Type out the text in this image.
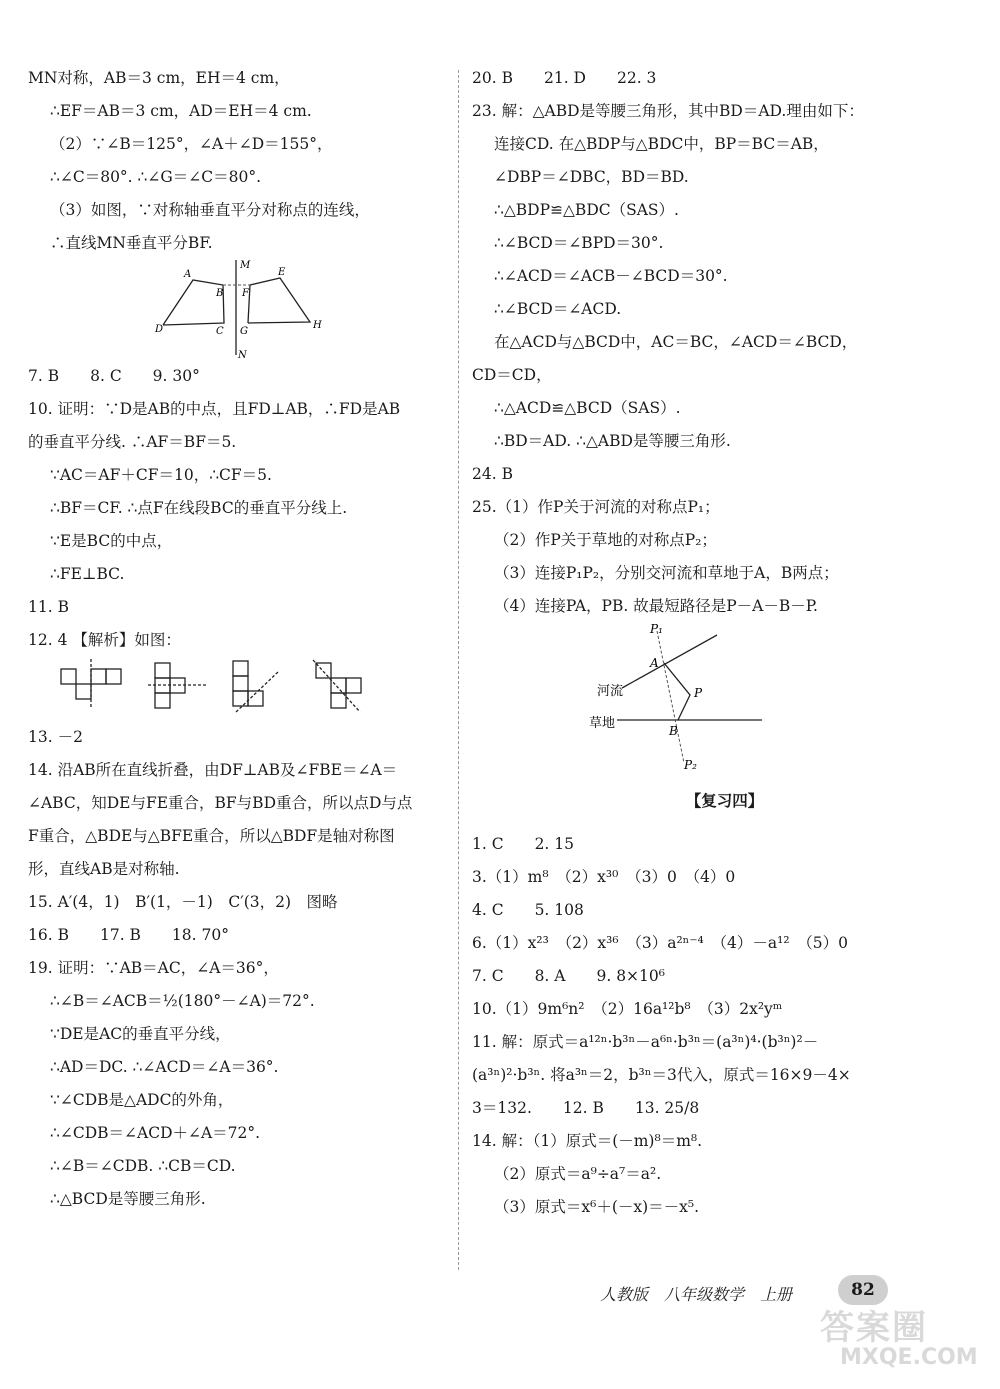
MN对称，AB＝3 cm，EH＝4 cm，
∴EF＝AB＝3 cm，AD＝EH＝4 cm.
（2）∵∠B＝125°，∠A＋∠D＝155°，
∴∠C＝80°. ∴∠G＝∠C＝80°.
（3）如图，∵对称轴垂直平分对称点的连线，
∴直线MN垂直平分BF.
M
A
B F
E
D	C G
H
N
7. B　　8. C　　9. 30°
10. 证明：∵D是AB的中点，且FD⊥AB，∴FD是AB
的垂直平分线. ∴AF＝BF＝5.
∵AC＝AF＋CF＝10，∴CF＝5.
∴BF＝CF. ∴点F在线段BC的垂直平分线上.
∵E是BC的中点，
∴FE⊥BC.
11. B
12. 4 【解析】如图：
13. －2
14. 沿AB所在直线折叠，由DF⊥AB及∠FBE＝∠A＝
∠ABC，知DE与FE重合，BF与BD重合，所以点D与点
F重合，△BDE与△BFE重合，所以△BDF是轴对称图
形，直线AB是对称轴.
15. A′(4，1)　B′(1，－1)　C′(3，2)　图略
16. B　　17. B　　18. 70°
19. 证明：∵AB＝AC，∠A＝36°，
∴∠B＝∠ACB＝½(180°－∠A)＝72°.
∵DE是AC的垂直平分线，
∴AD＝DC. ∴∠ACD＝∠A＝36°.
∵∠CDB是△ADC的外角，
∴∠CDB＝∠ACD＋∠A＝72°.
∴∠B＝∠CDB. ∴CB＝CD.
∴△BCD是等腰三角形.
20. B　　21. D　　22. 3
23. 解：△ABD是等腰三角形，其中BD＝AD.理由如下：
连接CD. 在△BDP与△BDC中，BP＝BC＝AB，
∠DBP＝∠DBC，BD＝BD.
∴△BDP≌△BDC（SAS）.
∴∠BCD＝∠BPD＝30°.
∴∠ACD＝∠ACB－∠BCD＝30°.
∴∠BCD＝∠ACD.
在△ACD与△BCD中，AC＝BC，∠ACD＝∠BCD，
CD＝CD，
∴△ACD≌△BCD（SAS）.
∴BD＝AD. ∴△ABD是等腰三角形.
24. B
25.（1）作P关于河流的对称点P₁；
（2）作P关于草地的对称点P₂；
（3）连接P₁P₂，分别交河流和草地于A，B两点；
（4）连接PA，PB. 故最短路径是P－A－B－P.
P₁
A
P
B
P₂
河流
草地
【复习四】
1. C　　2. 15
3.（1）m⁸　（2）x³⁰　（3）0　（4）0
4. C　　5. 108
6.（1）x²³　（2）x³⁶　（3）a²ⁿ⁻⁴　（4）－a¹²　（5）0
7. C　　8. A　　9. 8×10⁶
10.（1）9m⁶n²　（2）16a¹²b⁸　（3）2x²yᵐ
11. 解：原式＝a¹²ⁿ·b³ⁿ－a⁶ⁿ·b³ⁿ＝(a³ⁿ)⁴·(b³ⁿ)²－
(a³ⁿ)²·b³ⁿ. 将a³ⁿ＝2，b³ⁿ＝3代入，原式＝16×9－4×
3＝132.　　12. B　　13. 25/8
14. 解：（1）原式＝(－m)⁸＝m⁸.
（2）原式＝a⁹÷a⁷＝a².
（3）原式＝x⁶＋(－x)＝－x⁵.
人教版　八年级数学　上册	82
答案圈
MXQE.COM
